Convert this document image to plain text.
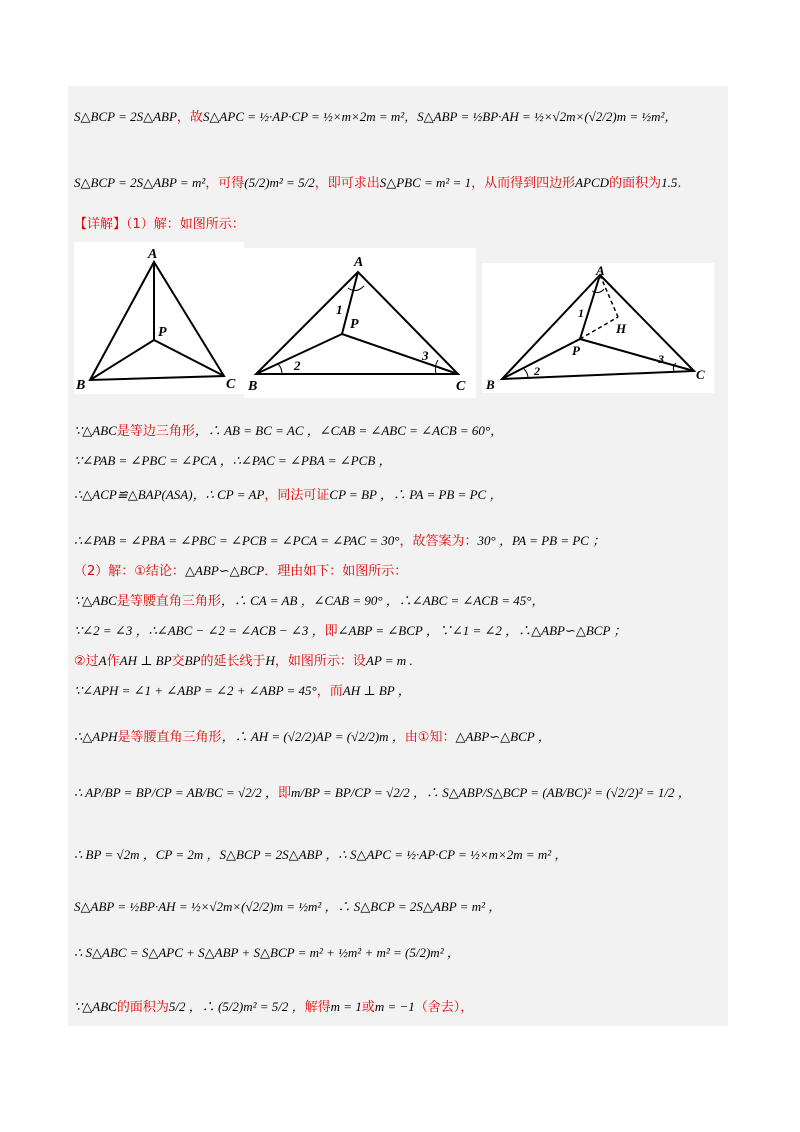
S△BCP = 2S△ABP，故S△APC = ½·AP·CP = ½×m×2m = m²，S△ABP = ½BP·AH = ½×√2m×(√2/2)m = ½m²，
S△BCP = 2S△ABP = m²，可得(5/2)m² = 5/2，即可求出S△PBC = m² = 1，从而得到四边形APCD的面积为1.5.
【详解】（1）解：如图所示：
A
B	C
P
A
B	C
P
1
2
3
A
B
C
P
H
1
2
3
∵△ABC是等边三角形，∴ AB = BC = AC ，∠CAB = ∠ABC = ∠ACB = 60°，
∵∠PAB = ∠PBC = ∠PCA ，∴∠PAC = ∠PBA = ∠PCB ，
∴△ACP≌△BAP(ASA)，∴ CP = AP，同法可证CP = BP ，∴ PA = PB = PC ，
∴∠PAB = ∠PBA = ∠PBC = ∠PCB = ∠PCA = ∠PAC = 30°，故答案为：30° ，PA = PB = PC ；
（2）解：①结论：△ABP∽△BCP．理由如下：如图所示：
∵△ABC是等腰直角三角形，∴ CA = AB ，∠CAB = 90° ，∴∠ABC = ∠ACB = 45°，
∵∠2 = ∠3 ，∴∠ABC − ∠2 = ∠ACB − ∠3 ，即∠ABP = ∠BCP ，∵∠1 = ∠2 ，∴△ABP∽△BCP ；
②过A作AH ⊥ BP交BP的延长线于H，如图所示：设AP = m .
∵∠APH = ∠1 + ∠ABP = ∠2 + ∠ABP = 45°，而AH ⊥ BP ，
∴△APH是等腰直角三角形，∴ AH = (√2/2)AP = (√2/2)m ，由①知：△ABP∽△BCP ，
∴ AP/BP = BP/CP = AB/BC = √2/2 ，即m/BP = BP/CP = √2/2 ，∴ S△ABP/S△BCP = (AB/BC)² = (√2/2)² = 1/2 ，
∴ BP = √2m ，CP = 2m ，S△BCP = 2S△ABP ，∴ S△APC = ½·AP·CP = ½×m×2m = m² ，
S△ABP = ½BP·AH = ½×√2m×(√2/2)m = ½m² ，∴ S△BCP = 2S△ABP = m² ，
∴ S△ABC = S△APC + S△ABP + S△BCP = m² + ½m² + m² = (5/2)m² ，
∵△ABC的面积为5/2 ，∴ (5/2)m² = 5/2 ，解得m = 1或m = −1（舍去），
